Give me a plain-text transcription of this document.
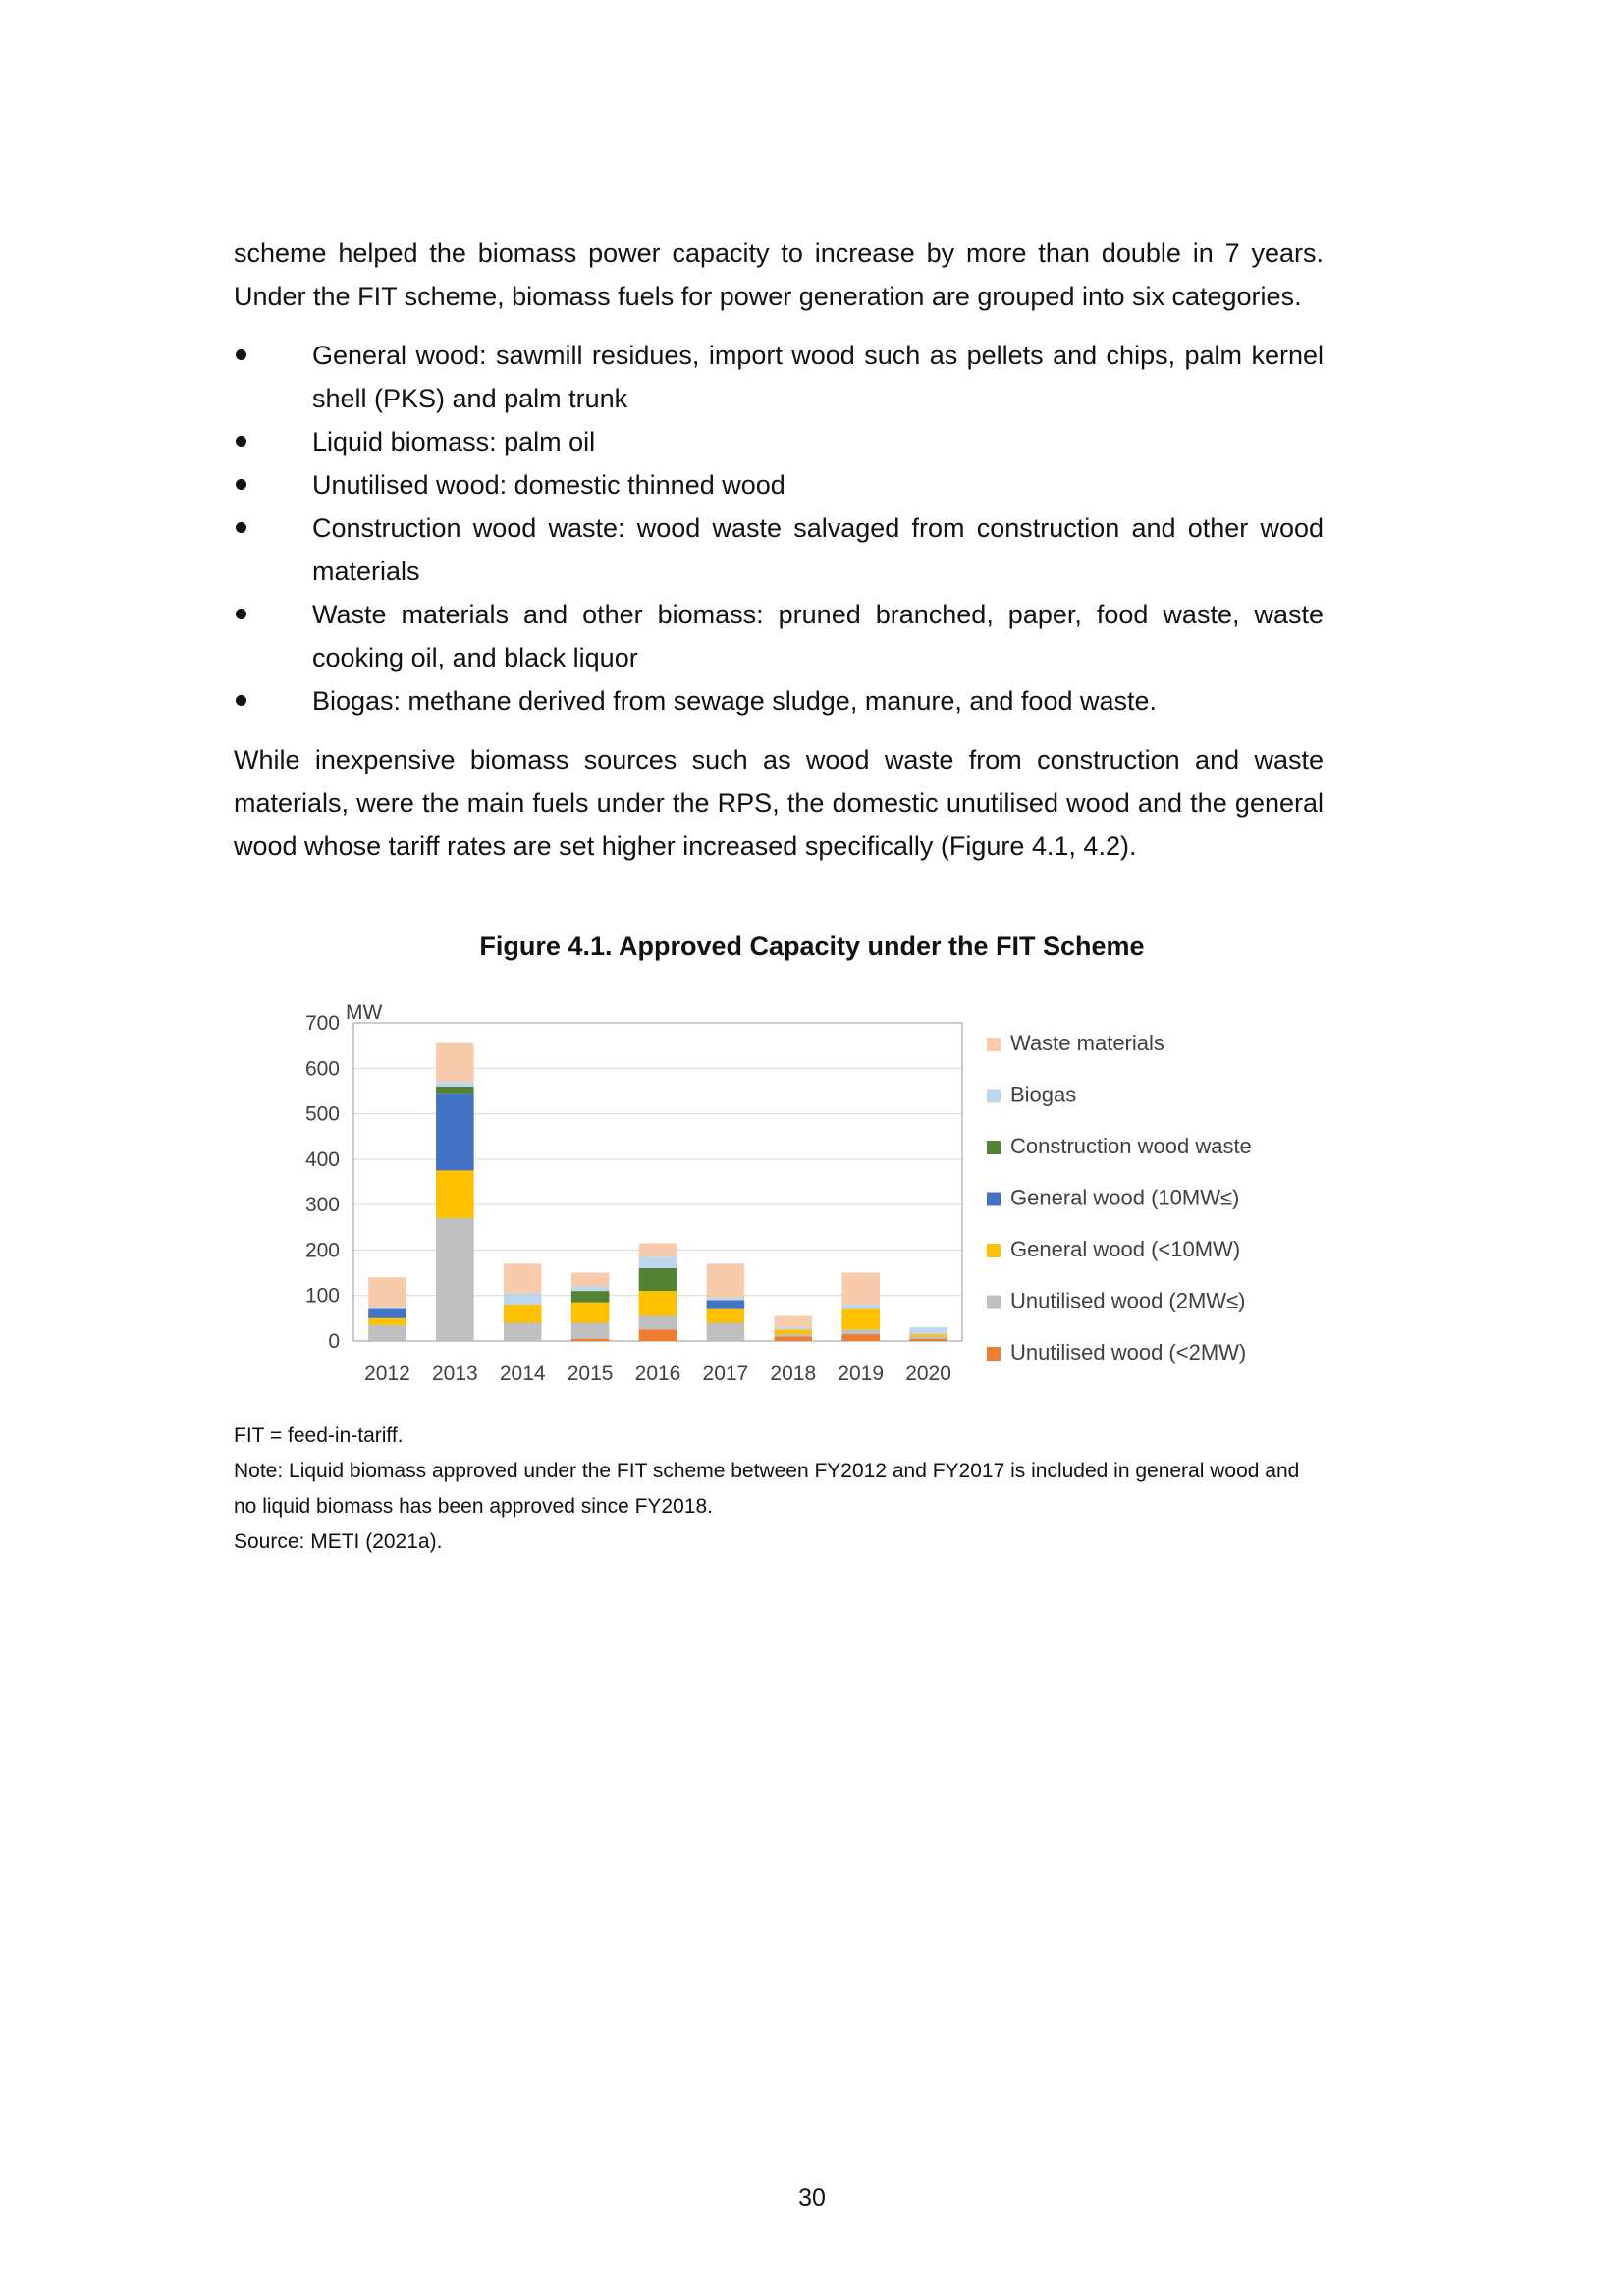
scheme helped the biomass power capacity to increase by more than double in 7 years. Under the FIT scheme, biomass fuels for power generation are grouped into six categories.

General wood: sawmill residues, import wood such as pellets and chips, palm kernel shell (PKS) and palm trunk
Liquid biomass: palm oil
Unutilised wood: domestic thinned wood
Construction wood waste: wood waste salvaged from construction and other wood materials
Waste materials and other biomass: pruned branched, paper, food waste, waste cooking oil, and black liquor
Biogas: methane derived from sewage sludge, manure, and food waste.

While inexpensive biomass sources such as wood waste from construction and waste materials, were the main fuels under the RPS, the domestic unutilised wood and the general wood whose tariff rates are set higher increased specifically (Figure 4.1, 4.2).

Figure 4.1. Approved Capacity under the FIT Scheme
0
100
200
300
400
500
600
700 MW
2012 2013 2014 2015 2016 2017 2018 2019 2020
Waste materials
Biogas
Construction wood waste
General wood (10MW≤)
General wood (<10MW)
Unutilised wood (2MW≤)
Unutilised wood (<2MW)
FIT = feed-in-tariff.
Note: Liquid biomass approved under the FIT scheme between FY2012 and FY2017 is included in general wood and no liquid biomass has been approved since FY2018.
Source: METI (2021a).
30
